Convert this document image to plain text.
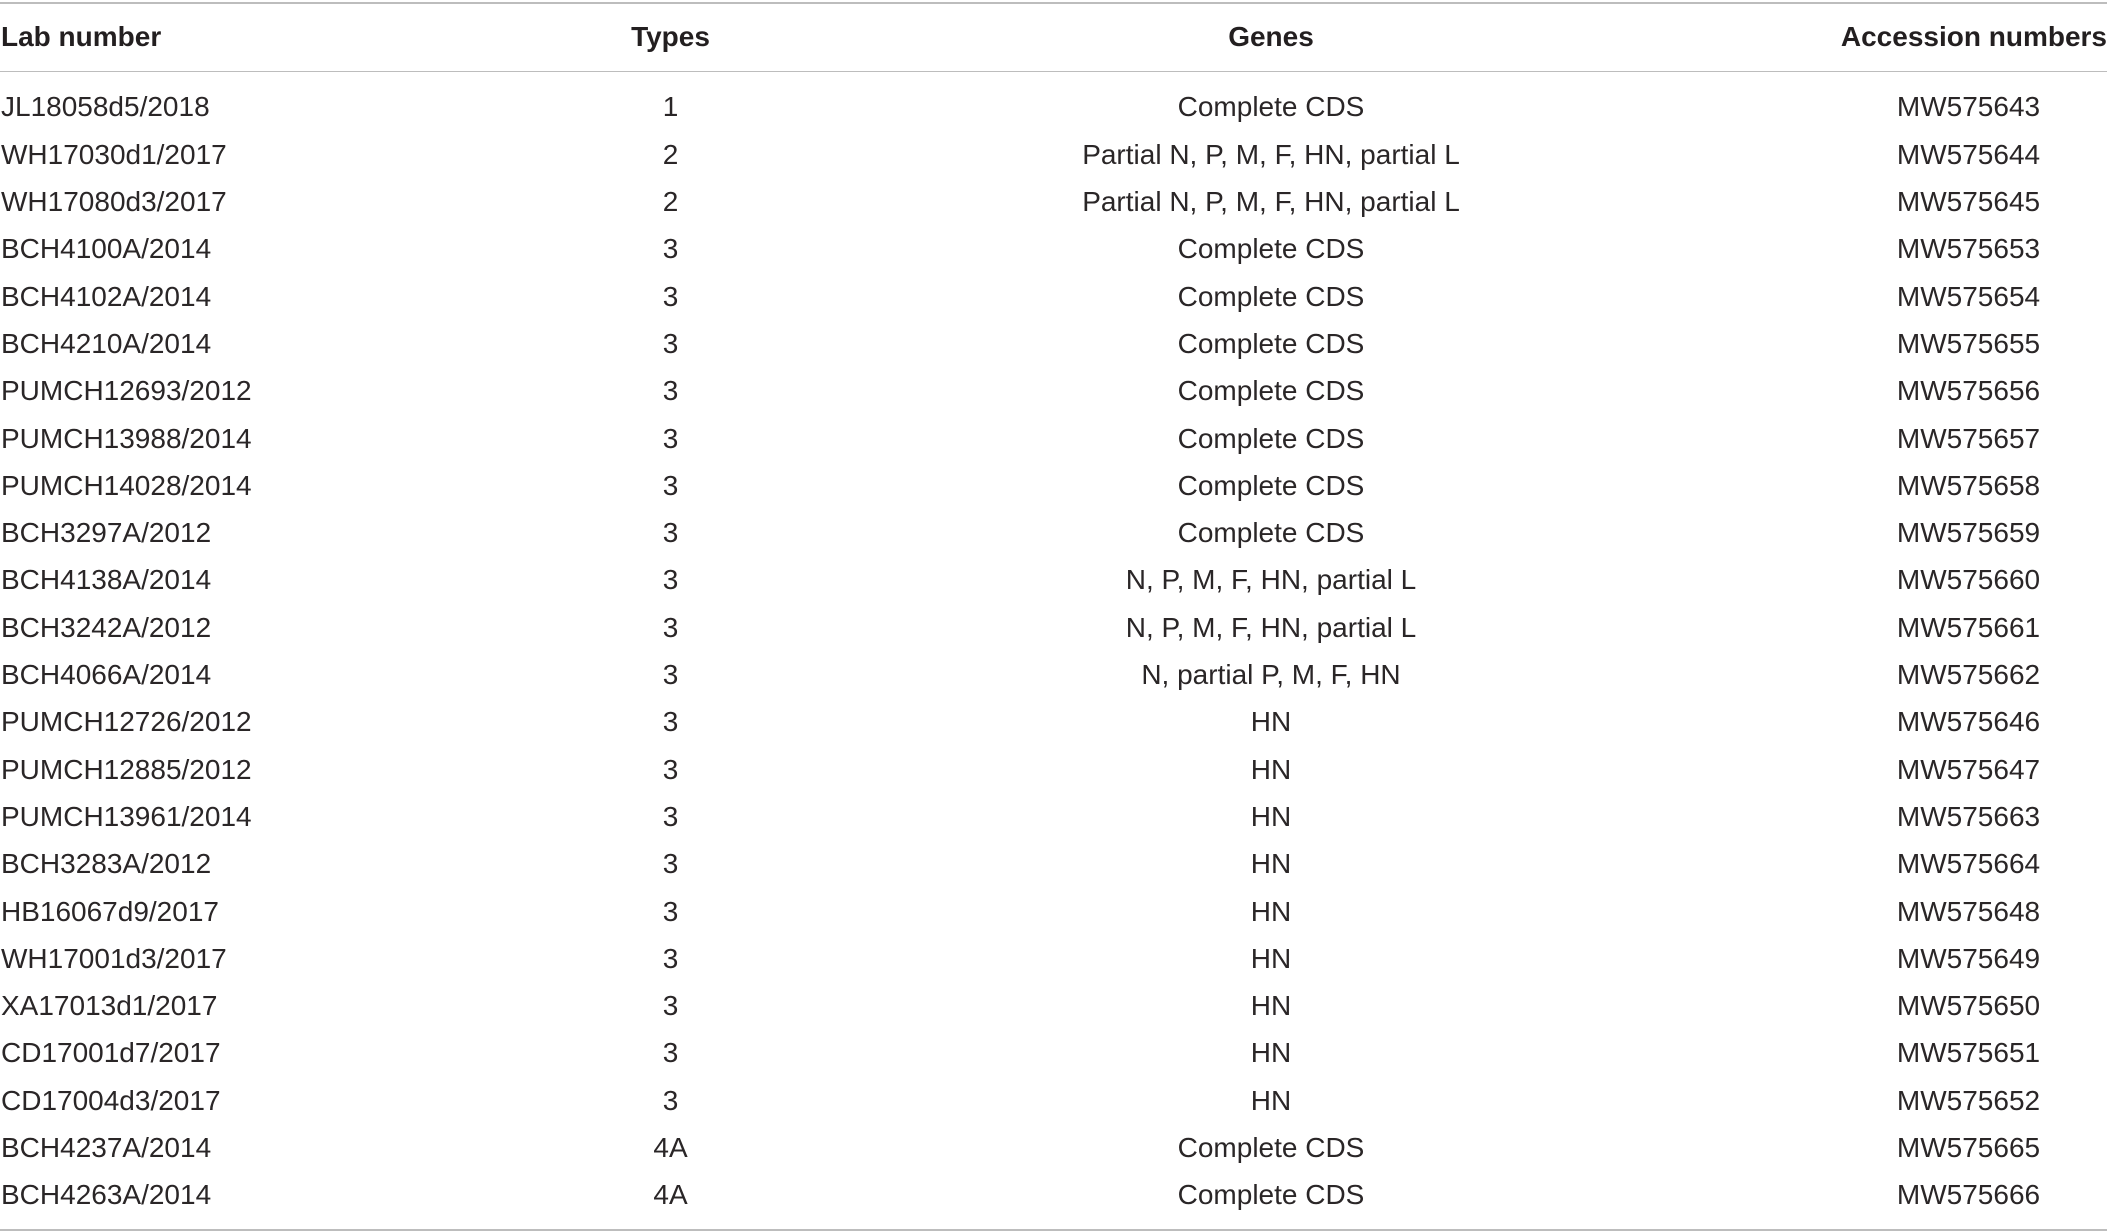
Lab number	Types	Genes	Accession numbers
JL18058d5/2018	1	Complete CDS	MW575643
WH17030d1/2017	2	Partial N, P, M, F, HN, partial L	MW575644
WH17080d3/2017	2	Partial N, P, M, F, HN, partial L	MW575645
BCH4100A/2014	3	Complete CDS	MW575653
BCH4102A/2014	3	Complete CDS	MW575654
BCH4210A/2014	3	Complete CDS	MW575655
PUMCH12693/2012	3	Complete CDS	MW575656
PUMCH13988/2014	3	Complete CDS	MW575657
PUMCH14028/2014	3	Complete CDS	MW575658
BCH3297A/2012	3	Complete CDS	MW575659
BCH4138A/2014	3	N, P, M, F, HN, partial L	MW575660
BCH3242A/2012	3	N, P, M, F, HN, partial L	MW575661
BCH4066A/2014	3	N, partial P, M, F, HN	MW575662
PUMCH12726/2012	3	HN	MW575646
PUMCH12885/2012	3	HN	MW575647
PUMCH13961/2014	3	HN	MW575663
BCH3283A/2012	3	HN	MW575664
HB16067d9/2017	3	HN	MW575648
WH17001d3/2017	3	HN	MW575649
XA17013d1/2017	3	HN	MW575650
CD17001d7/2017	3	HN	MW575651
CD17004d3/2017	3	HN	MW575652
BCH4237A/2014	4A	Complete CDS	MW575665
BCH4263A/2014	4A	Complete CDS	MW575666
